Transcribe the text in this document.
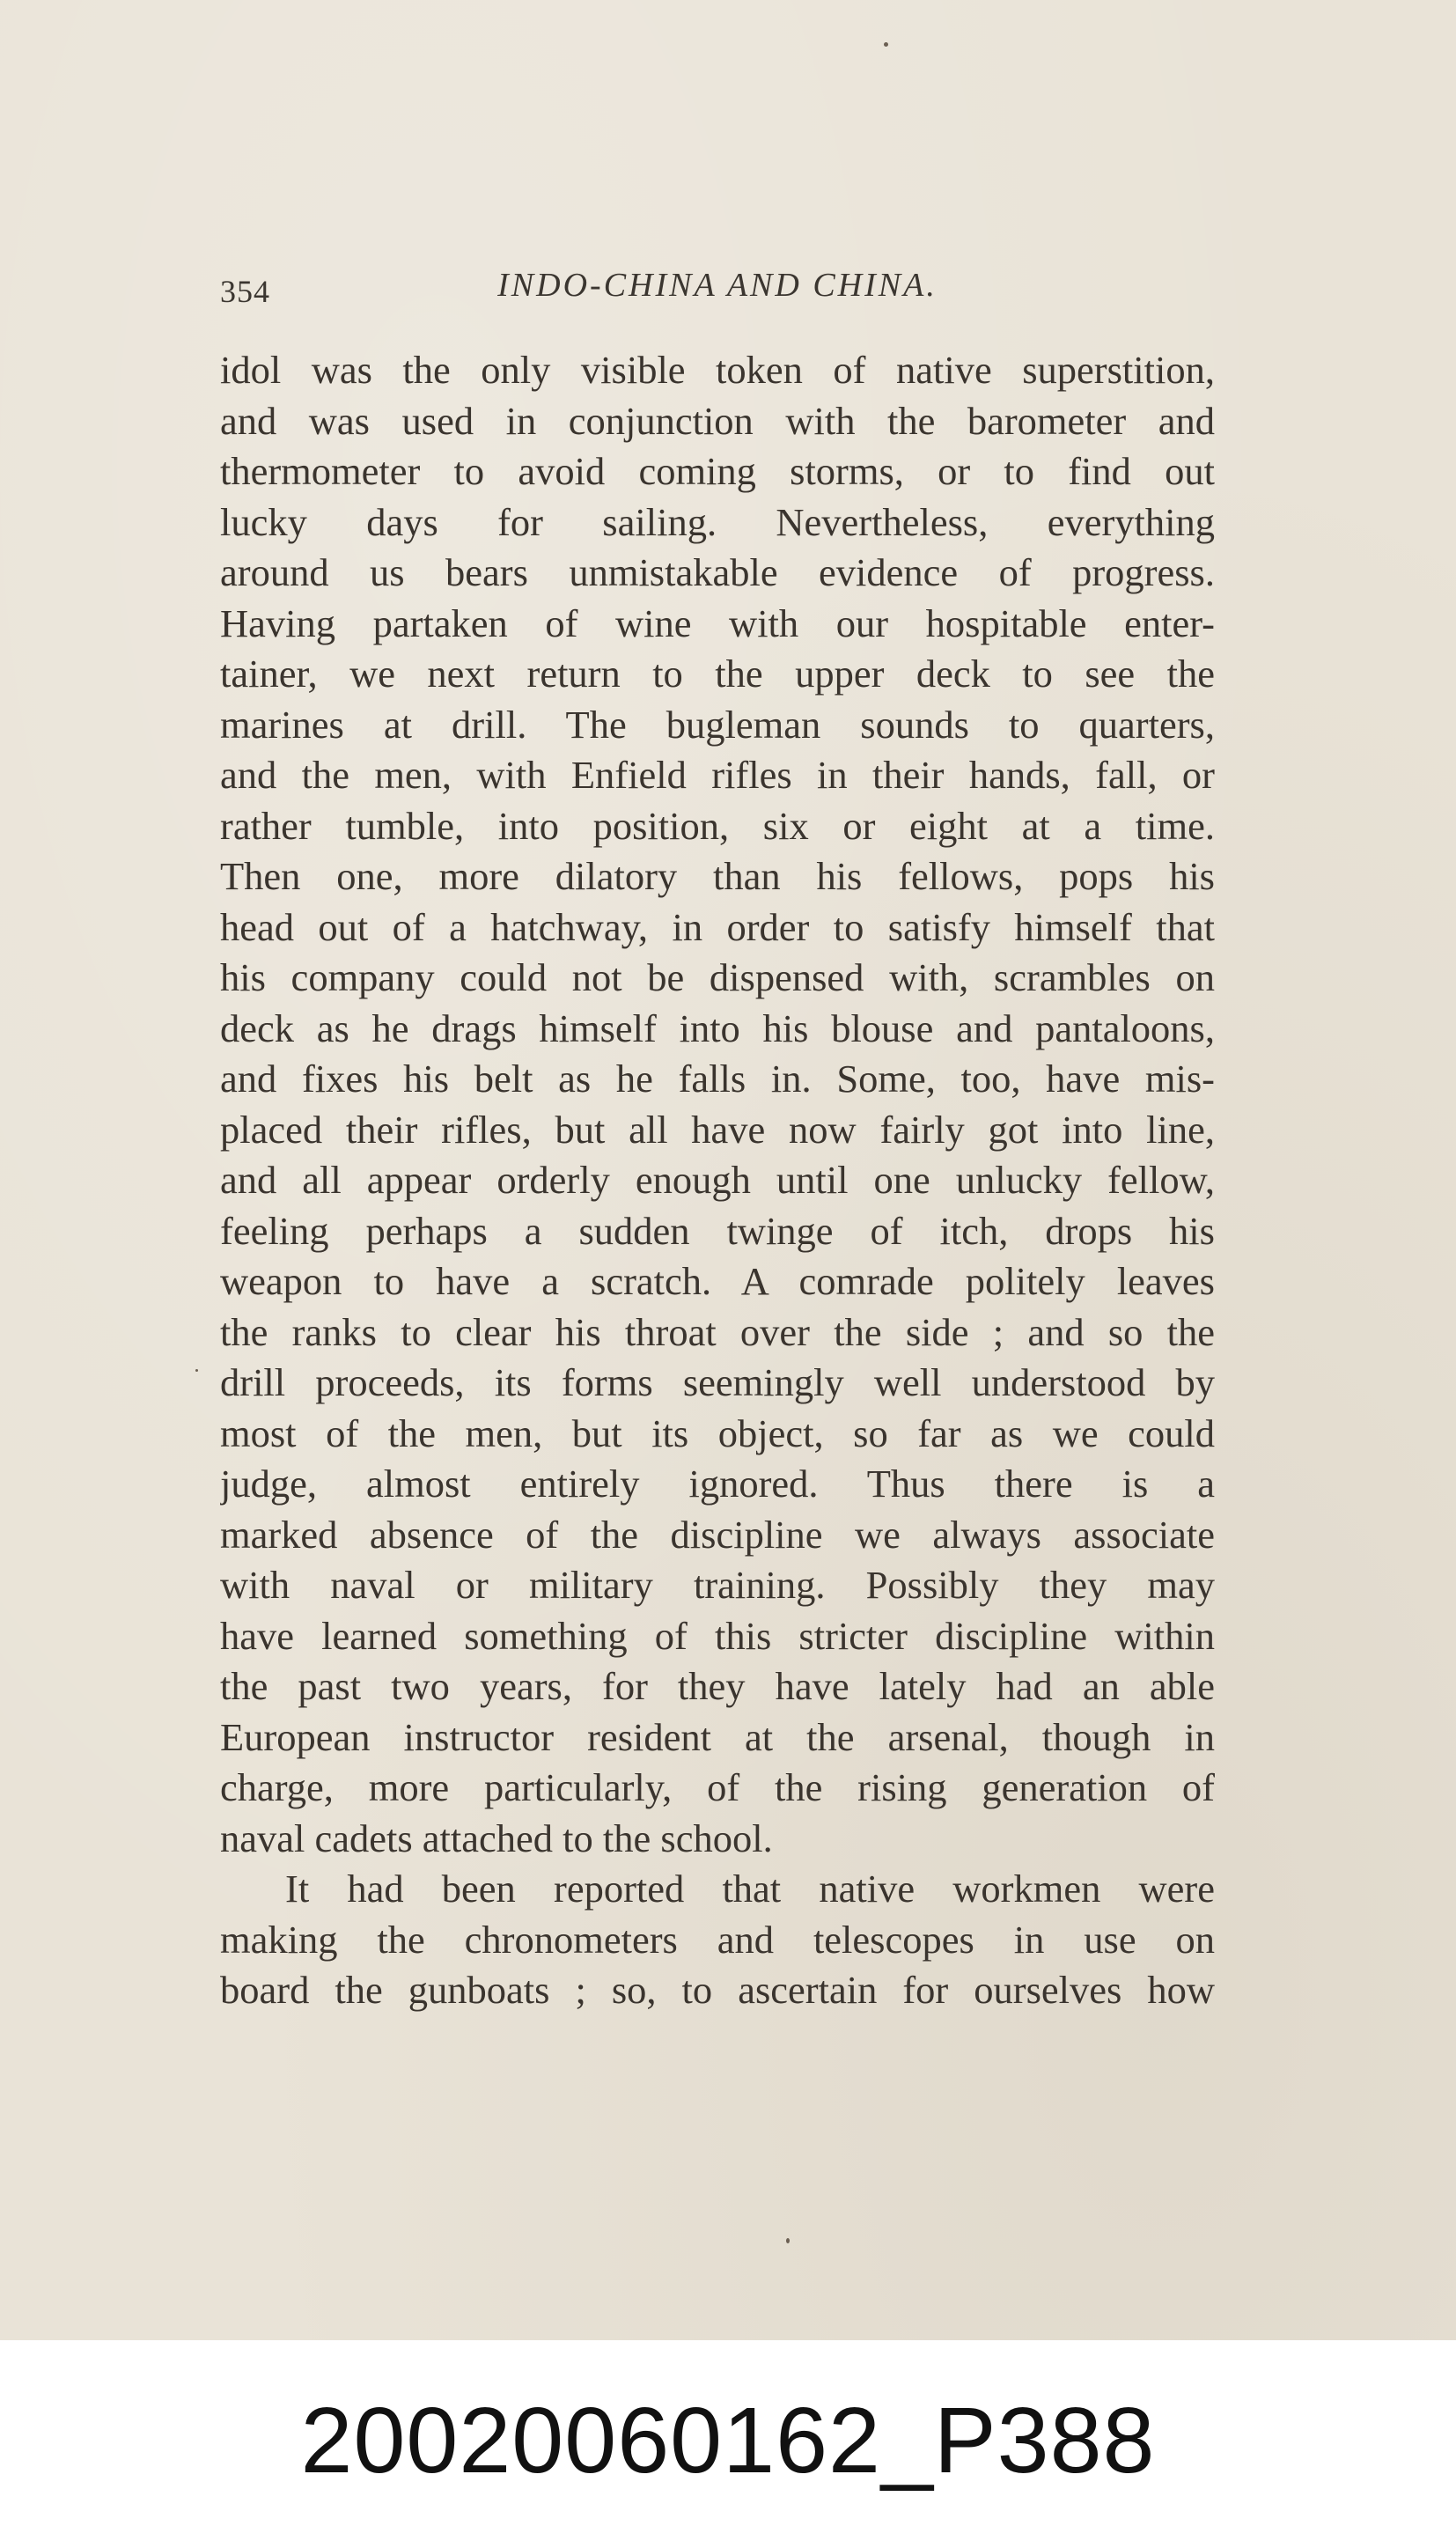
354	INDO-CHINA AND CHINA.
idol was the only visible token of native superstition,
and was used in conjunction with the barometer and
thermometer to avoid coming storms, or to find out
lucky days for sailing. Nevertheless, everything
around us bears unmistakable evidence of progress.
Having partaken of wine with our hospitable enter-
tainer, we next return to the upper deck to see the
marines at drill. The bugleman sounds to quarters,
and the men, with Enfield rifles in their hands, fall, or
rather tumble, into position, six or eight at a time.
Then one, more dilatory than his fellows, pops his
head out of a hatchway, in order to satisfy himself that
his company could not be dispensed with, scrambles on
deck as he drags himself into his blouse and pantaloons,
and fixes his belt as he falls in. Some, too, have mis-
placed their rifles, but all have now fairly got into line,
and all appear orderly enough until one unlucky fellow,
feeling perhaps a sudden twinge of itch, drops his
weapon to have a scratch. A comrade politely leaves
the ranks to clear his throat over the side ; and so the
drill proceeds, its forms seemingly well understood by
most of the men, but its object, so far as we could
judge, almost entirely ignored. Thus there is a
marked absence of the discipline we always associate
with naval or military training. Possibly they may
have learned something of this stricter discipline within
the past two years, for they have lately had an able
European instructor resident at the arsenal, though in
charge, more particularly, of the rising generation of
naval cadets attached to the school.
It had been reported that native workmen were
making the chronometers and telescopes in use on
board the gunboats ; so, to ascertain for ourselves how
20020060162_P388
